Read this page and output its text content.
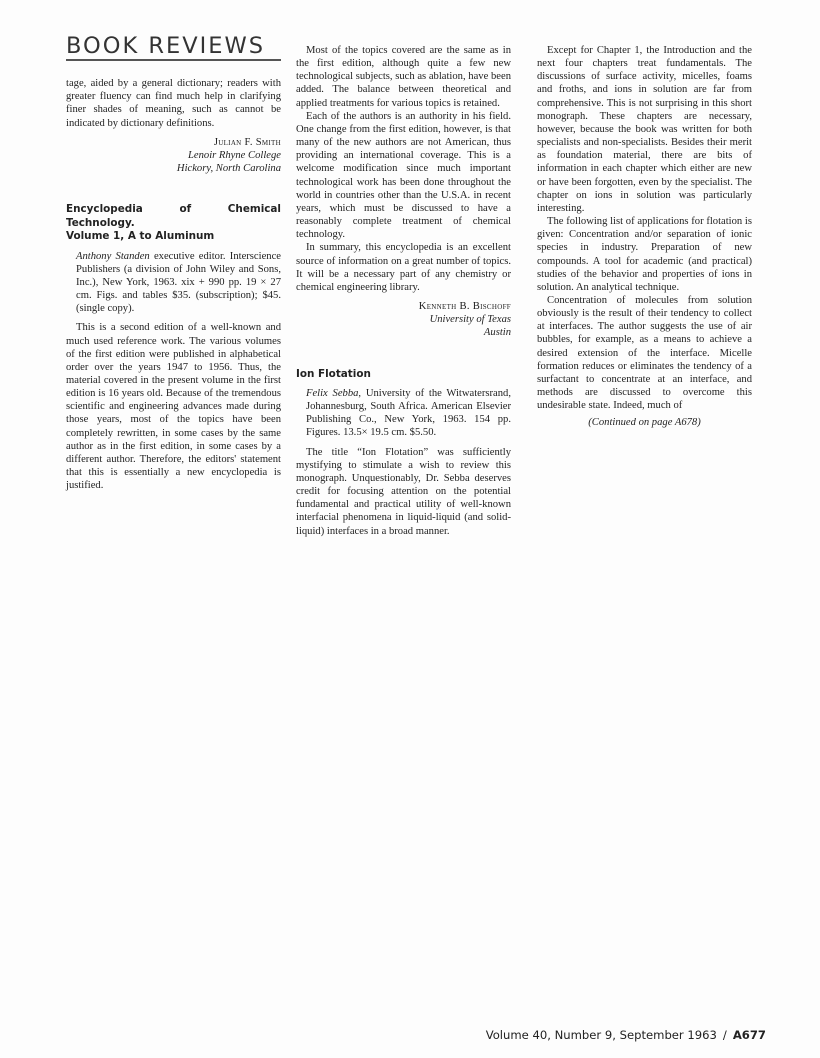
BOOK REVIEWS

tage, aided by a general dictionary; readers with greater fluency can find much help in clarifying finer shades of meaning, such as cannot be indicated by dictionary definitions.

Julian F. Smith
Lenoir Rhyne College
Hickory, North Carolina
Encyclopedia of Chemical Technology.
Volume 1, A to Aluminum

Anthony Standen executive editor. Interscience Publishers (a division of John Wiley and Sons, Inc.), New York, 1963. xix + 990 pp. 19 × 27 cm. Figs. and tables $35. (subscription); $45. (single copy).

This is a second edition of a well-known and much used reference work. The various volumes of the first edition were published in alphabetical order over the years 1947 to 1956. Thus, the material covered in the present volume in the first edition is 16 years old. Because of the tremendous scientific and engineering advances made during those years, most of the topics have been completely rewritten, in some cases by the same author as in the first edition, in some cases by a different author. Therefore, the editors' statement that this is essentially a new encyclopedia is justified.

Most of the topics covered are the same as in the first edition, although quite a few new technological subjects, such as ablation, have been added. The balance between theoretical and applied treatments for various topics is retained.

Each of the authors is an authority in his field. One change from the first edition, however, is that many of the new authors are not American, thus providing an international coverage. This is a welcome modification since much important technological work has been done throughout the world in countries other than the U.S.A. in recent years, which must be discussed to have a reasonably complete treatment of chemical technology.

In summary, this encyclopedia is an excellent source of information on a great number of topics. It will be a necessary part of any chemistry or chemical engineering library.

Kenneth B. Bischoff
University of Texas
Austin
Ion Flotation

Felix Sebba, University of the Witwatersrand, Johannesburg, South Africa. American Elsevier Publishing Co., New York, 1963. 154 pp. Figures. 13.5× 19.5 cm. $5.50.

The title “Ion Flotation” was sufficiently mystifying to stimulate a wish to review this monograph. Unquestionably, Dr. Sebba deserves credit for focusing attention on the potential fundamental and practical utility of well-known interfacial phenomena in liquid-liquid (and solid-liquid) interfaces in a broad manner.

Except for Chapter 1, the Introduction and the next four chapters treat fundamentals. The discussions of surface activity, micelles, foams and froths, and ions in solution are far from comprehensive. This is not surprising in this short monograph. These chapters are necessary, however, because the book was written for both specialists and non-specialists. Besides their merit as foundation material, there are bits of information in each chapter which either are new or have been forgotten, even by the specialist. The chapter on ions in solution was particularly interesting.

The following list of applications for flotation is given: Concentration and/or separation of ionic species in industry. Preparation of new compounds. A tool for academic (and practical) studies of the behavior and properties of ions in solution. An analytical technique.

Concentration of molecules from solution obviously is the result of their tendency to collect at interfaces. The author suggests the use of air bubbles, for example, as a means to achieve a desired extension of the interface. Micelle formation reduces or eliminates the tendency of a surfactant to concentrate at an interface, and methods are discussed to overcome this undesirable state. Indeed, much of

(Continued on page A678)
Volume 40, Number 9, September 1963 / A677
